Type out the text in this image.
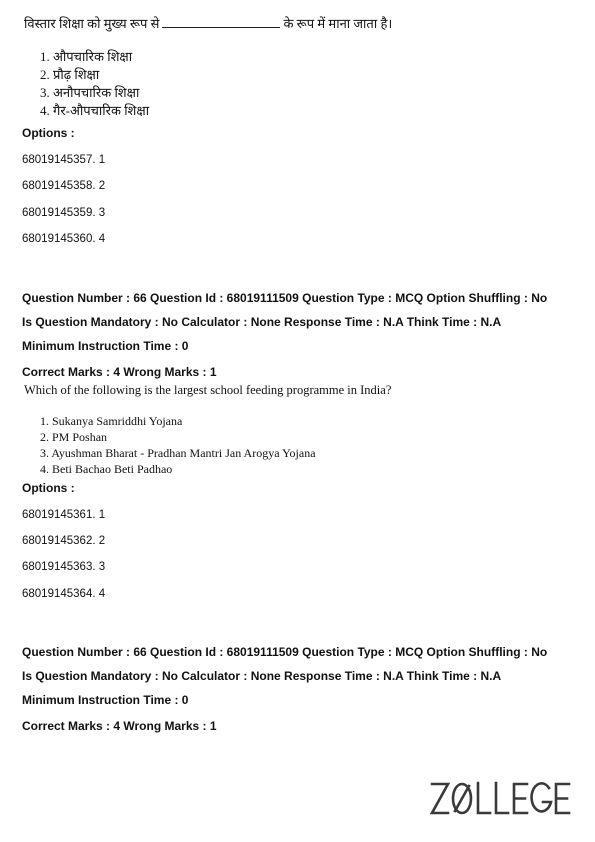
विस्तार शिक्षा को मुख्य रूप से	के रूप में माना जाता है।
1. औपचारिक शिक्षा
2. प्रौढ़ शिक्षा
3. अनौपचारिक शिक्षा
4. गैर-औपचारिक शिक्षा
Options :
68019145357. 1
68019145358. 2
68019145359. 3
68019145360. 4
Question Number : 66 Question Id : 68019111509 Question Type : MCQ Option Shuffling : No
Is Question Mandatory : No Calculator : None Response Time : N.A Think Time : N.A
Minimum Instruction Time : 0
Correct Marks : 4 Wrong Marks : 1
Which of the following is the largest school feeding programme in India?
1. Sukanya Samriddhi Yojana
2. PM Poshan
3. Ayushman Bharat - Pradhan Mantri Jan Arogya Yojana
4. Beti Bachao Beti Padhao
Options :
68019145361. 1
68019145362. 2
68019145363. 3
68019145364. 4
Question Number : 66 Question Id : 68019111509 Question Type : MCQ Option Shuffling : No
Is Question Mandatory : No Calculator : None Response Time : N.A Think Time : N.A
Minimum Instruction Time : 0
Correct Marks : 4 Wrong Marks : 1
